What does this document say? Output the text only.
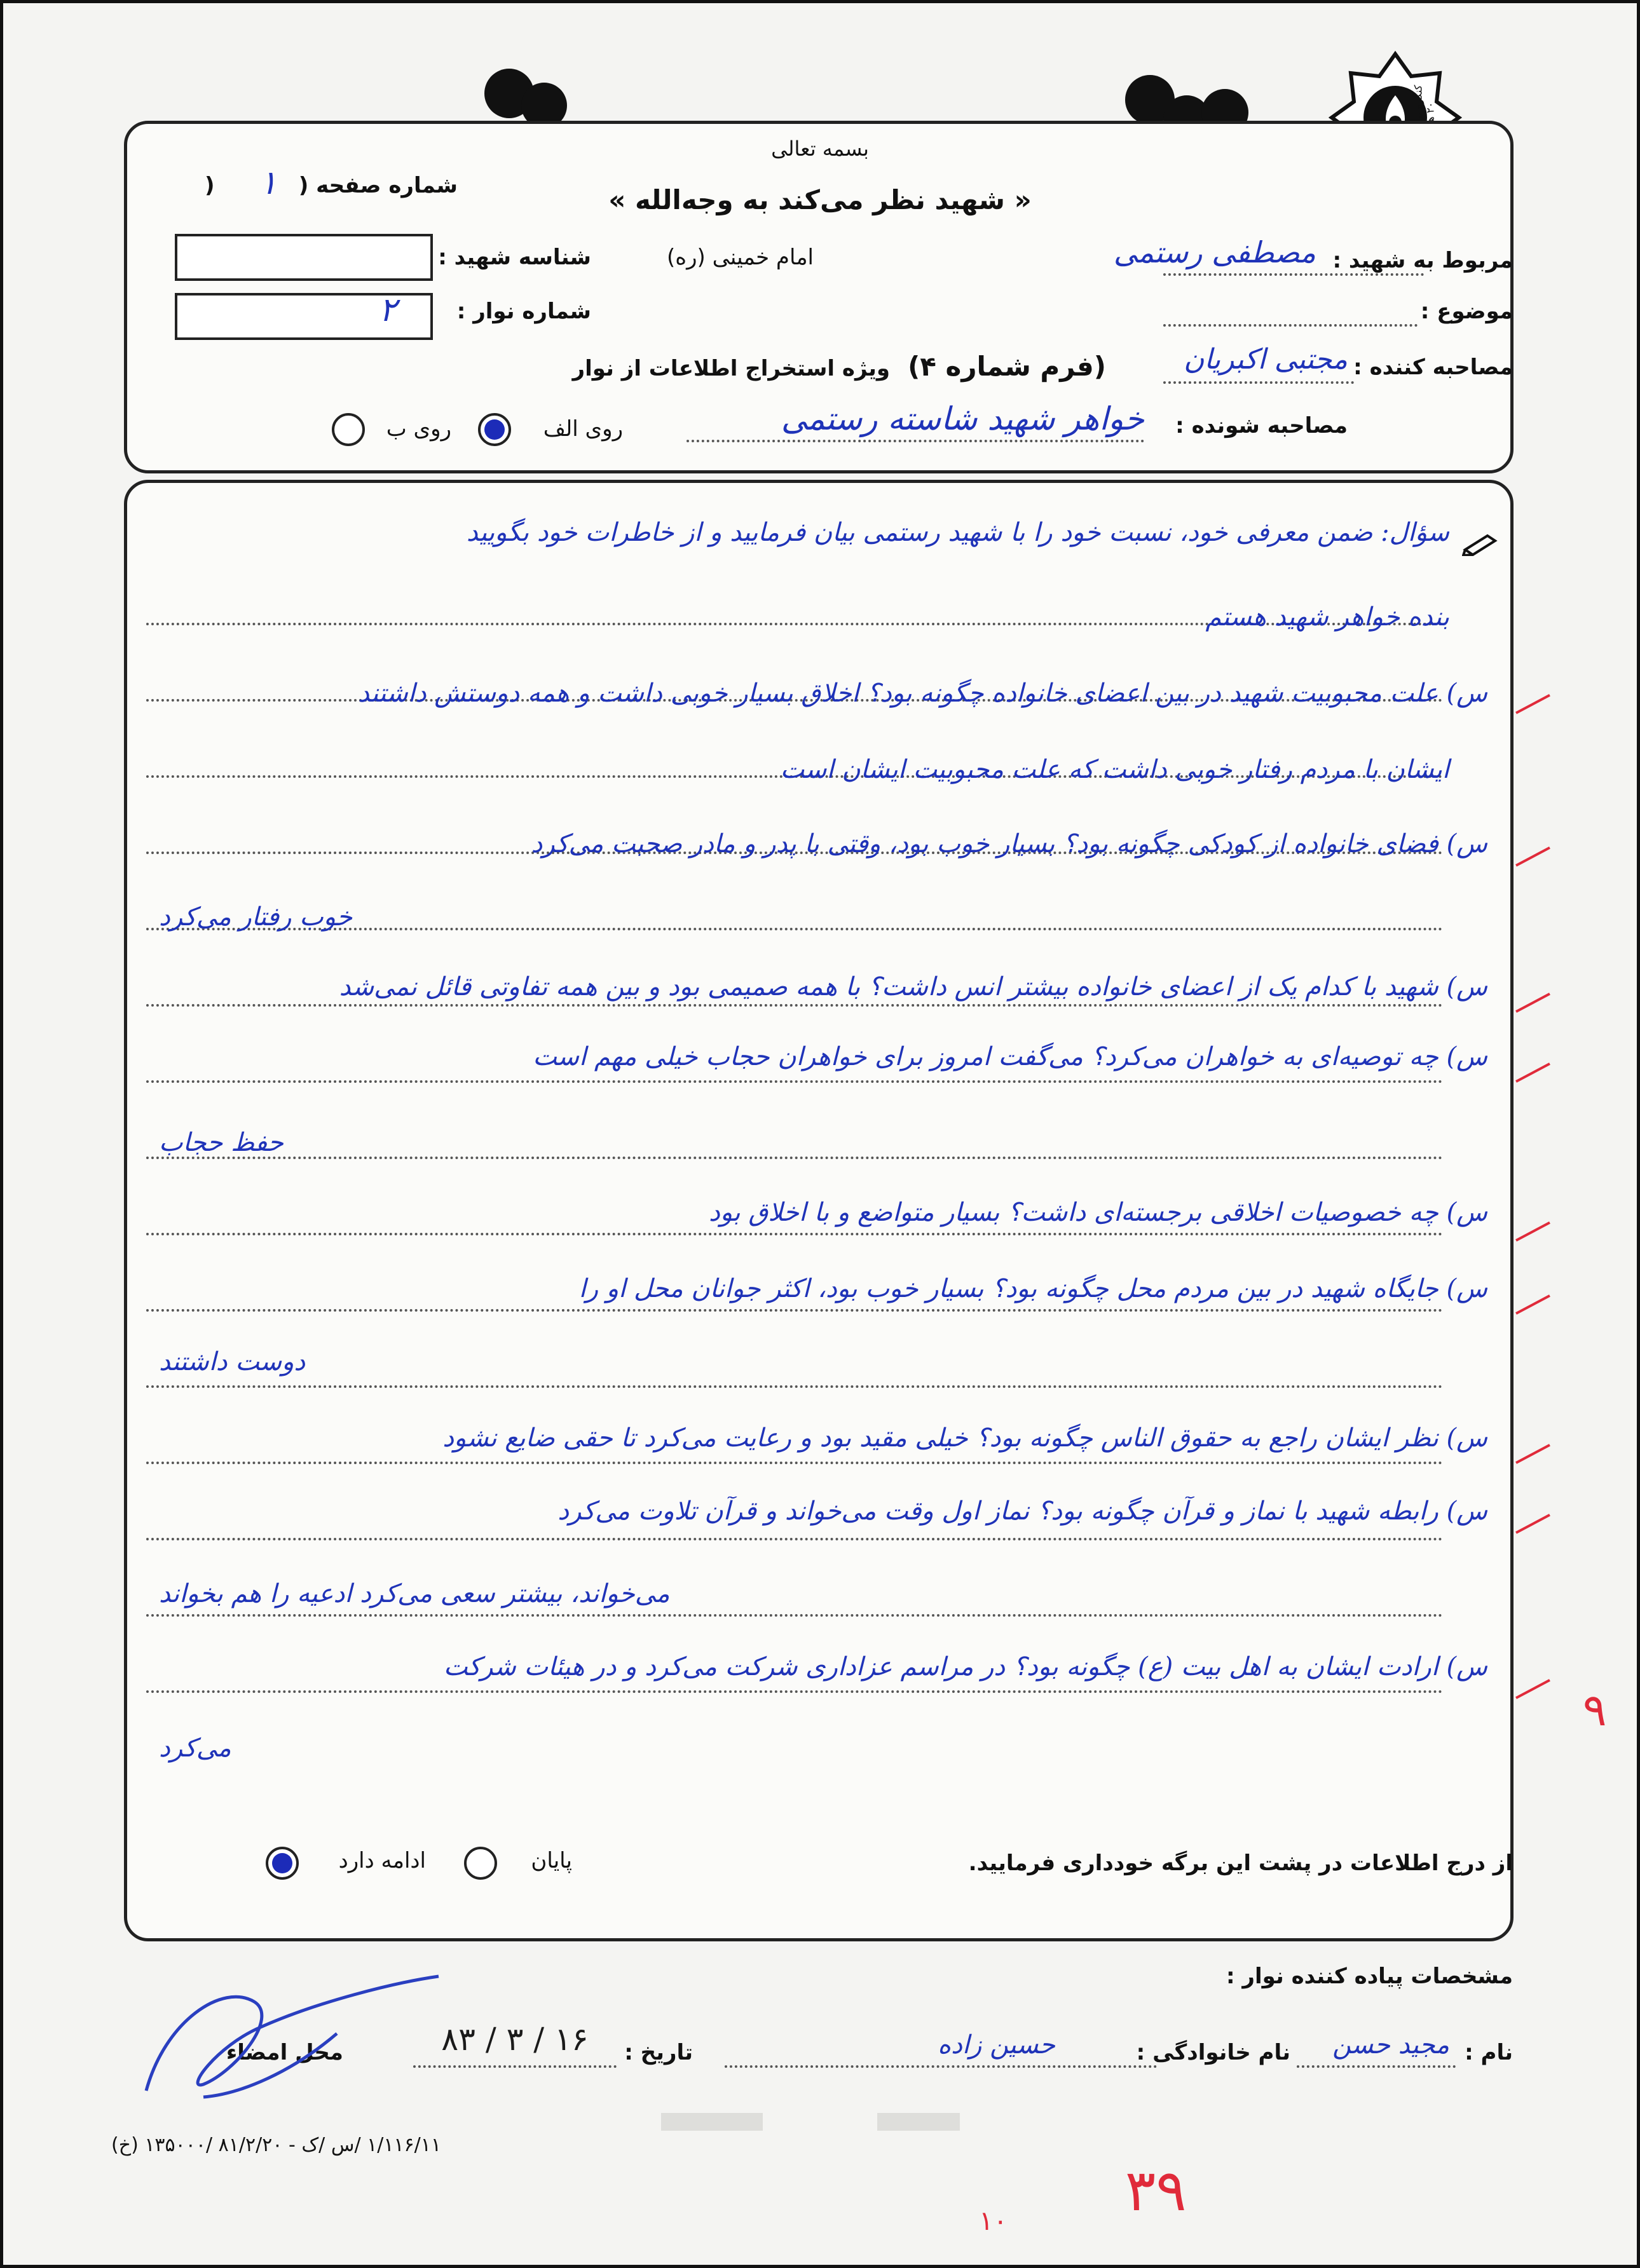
کنگره ۲۰
بسمه تعالی
« شهید نظر می‌کند به وجه‌الله »
امام خمینی (ره)
شماره صفحه (
۱
)
شناسه شهید :
شماره نوار :
۲
مربوط به شهید :
مصطفی رستمی
موضوع :
مصاحبه کننده :
مجتبی اکبریان
ویژه استخراج اطلاعات از نوار (فرم شماره ۴)
مصاحبه شونده :
خواهر شهید شاسته رستمی
روی الف
روی ب
سؤال: ضمن معرفی خود، نسبت خود را با شهید رستمی بیان فرمایید و از خاطرات خود بگویید
بنده خواهر شهید هستم
س) علت محبوبیت شهید در بین اعضای خانواده چگونه بود؟ اخلاق بسیار خوبی داشت و همه دوستش داشتند
ایشان با مردم رفتار خوبی داشت که علت محبوبیت ایشان است
س) فضای خانواده از کودکی چگونه بود؟ بسیار خوب بود، وقتی با پدر و مادر صحبت می‌کرد
خوب رفتار می‌کرد
س) شهید با کدام یک از اعضای خانواده بیشتر انس داشت؟ با همه صمیمی بود و بین همه تفاوتی قائل نمی‌شد
س) چه توصیه‌ای به خواهران می‌کرد؟ می‌گفت امروز برای خواهران حجاب خیلی مهم است
حفظ حجاب
س) چه خصوصیات اخلاقی برجسته‌ای داشت؟ بسیار متواضع و با اخلاق بود
س) جایگاه شهید در بین مردم محل چگونه بود؟ بسیار خوب بود، اکثر جوانان محل او را
دوست داشتند
س) نظر ایشان راجع به حقوق الناس چگونه بود؟ خیلی مقید بود و رعایت می‌کرد تا حقی ضایع نشود
س) رابطه شهید با نماز و قرآن چگونه بود؟ نماز اول وقت می‌خواند و قرآن تلاوت می‌کرد
می‌خواند، بیشتر سعی می‌کرد ادعیه را هم بخواند
س) ارادت ایشان به اهل بیت (ع) چگونه بود؟ در مراسم عزاداری شرکت می‌کرد و در هیئات شرکت
می‌کرد
۹
از درج اطلاعات در پشت این برگه خودداری فرمایید.
پایان
ادامه دارد
مشخصات پیاده کننده نوار :
نام :
مجید حسن
نام خانوادگی :
حسین زاده
تاریخ :
۸۳ / ۳ / ۱۶
محل امضاء
۱/۱۱۶/۱۱ /س /ک - ۸۱/۲/۲۰ /۱۳۵۰۰۰ (خ)
۳۹
۱۰
